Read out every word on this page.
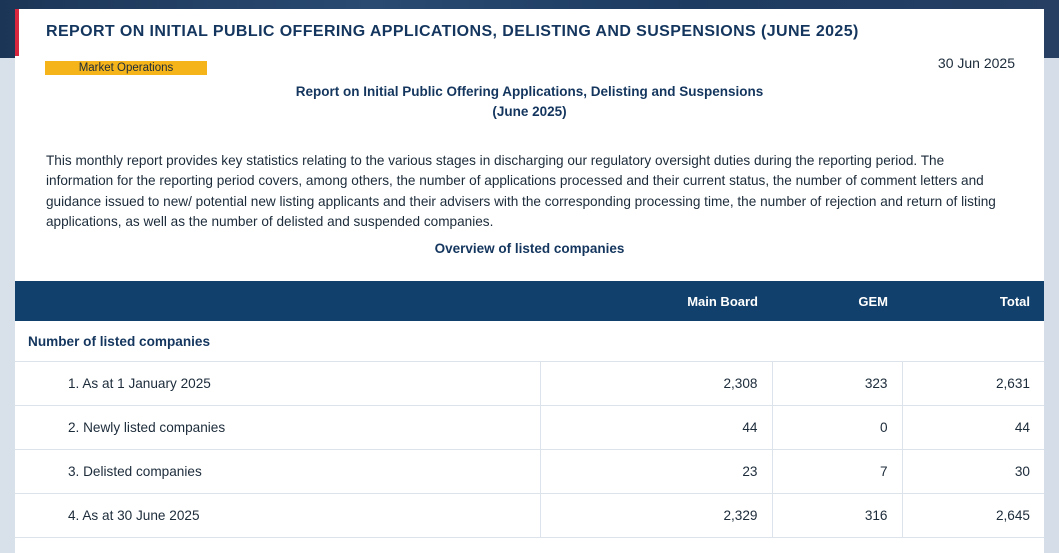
REPORT ON INITIAL PUBLIC OFFERING APPLICATIONS, DELISTING AND SUSPENSIONS (JUNE 2025)
Market Operations	30 Jun 2025
Report on Initial Public Offering Applications, Delisting and Suspensions
(June 2025)

This monthly report provides key statistics relating to the various stages in discharging our regulatory oversight duties during the reporting period. The information for the reporting period covers, among others, the number of applications processed and their current status, the number of comment letters and guidance issued to new/ potential new listing applicants and their advisers with the corresponding processing time, the number of rejection and return of listing applications, as well as the number of delisted and suspended companies.

Overview of listed companies
	Main Board	GEM	Total
Number of listed companies			
1. As at 1 January 2025	2,308	323	2,631
2. Newly listed companies	44	0	44
3. Delisted companies	23	7	30
4. As at 30 June 2025	2,329	316	2,645
